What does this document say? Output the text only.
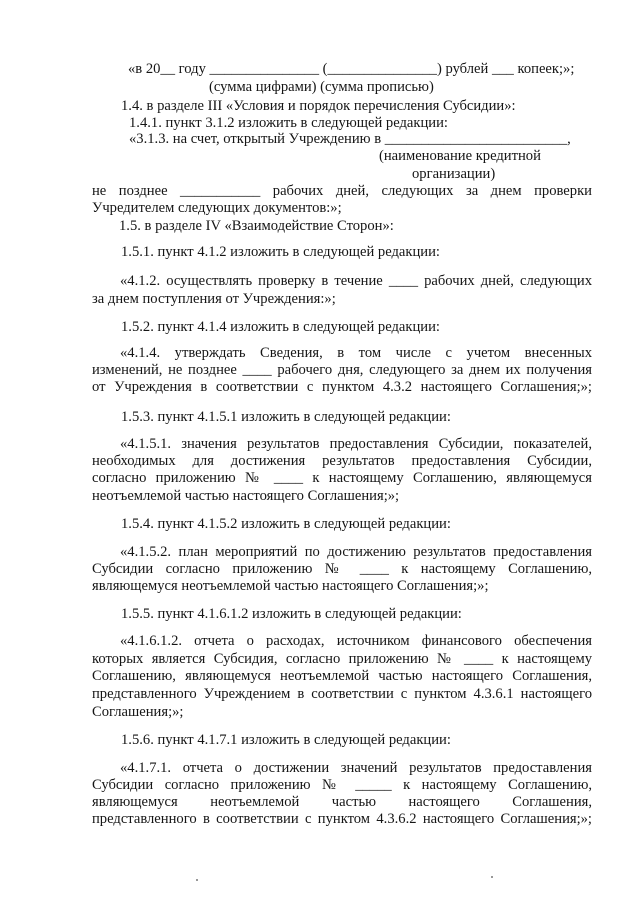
«в 20__ году _______________ (_______________) рублей ___ копеек;»;

(сумма цифрами) (сумма прописью)

1.4. в разделе III «Условия и порядок перечисления Субсидии»:

1.4.1. пункт 3.1.2 изложить в следующей редакции:

«3.1.3. на счет, открытый Учреждению в _________________________,

(наименование кредитной

организации)

не позднее ___________ рабочих дней, следующих за днем проверки

Учредителем следующих документов:»;

1.5. в разделе IV «Взаимодействие Сторон»:

1.5.1. пункт 4.1.2 изложить в следующей редакции:

«4.1.2. осуществлять проверку в течение ____ рабочих дней, следующих

за днем поступления от Учреждения:»;

1.5.2. пункт 4.1.4 изложить в следующей редакции:

«4.1.4. утверждать Сведения, в том числе с учетом внесенных

изменений, не позднее ____ рабочего дня, следующего за днем их получения

от Учреждения в соответствии с пунктом 4.3.2 настоящего Соглашения;»;

1.5.3. пункт 4.1.5.1 изложить в следующей редакции:

«4.1.5.1. значения результатов предоставления Субсидии, показателей,

необходимых для достижения результатов предоставления Субсидии,

согласно приложению № ____ к настоящему Соглашению, являющемуся

неотъемлемой частью настоящего Соглашения;»;

1.5.4. пункт 4.1.5.2 изложить в следующей редакции:

«4.1.5.2. план мероприятий по достижению результатов предоставления

Субсидии согласно приложению № ____ к настоящему Соглашению,

являющемуся неотъемлемой частью настоящего Соглашения;»;

1.5.5. пункт 4.1.6.1.2 изложить в следующей редакции:

«4.1.6.1.2. отчета о расходах, источником финансового обеспечения

которых является Субсидия, согласно приложению № ____ к настоящему

Соглашению, являющемуся неотъемлемой частью настоящего Соглашения,

представленного Учреждением в соответствии с пунктом 4.3.6.1 настоящего

Соглашения;»;

1.5.6. пункт 4.1.7.1 изложить в следующей редакции:

«4.1.7.1. отчета о достижении значений результатов предоставления

Субсидии согласно приложению № _____ к настоящему Соглашению,

являющемуся неотъемлемой частью настоящего Соглашения,

представленного в соответствии с пунктом 4.3.6.2 настоящего Соглашения;»;
